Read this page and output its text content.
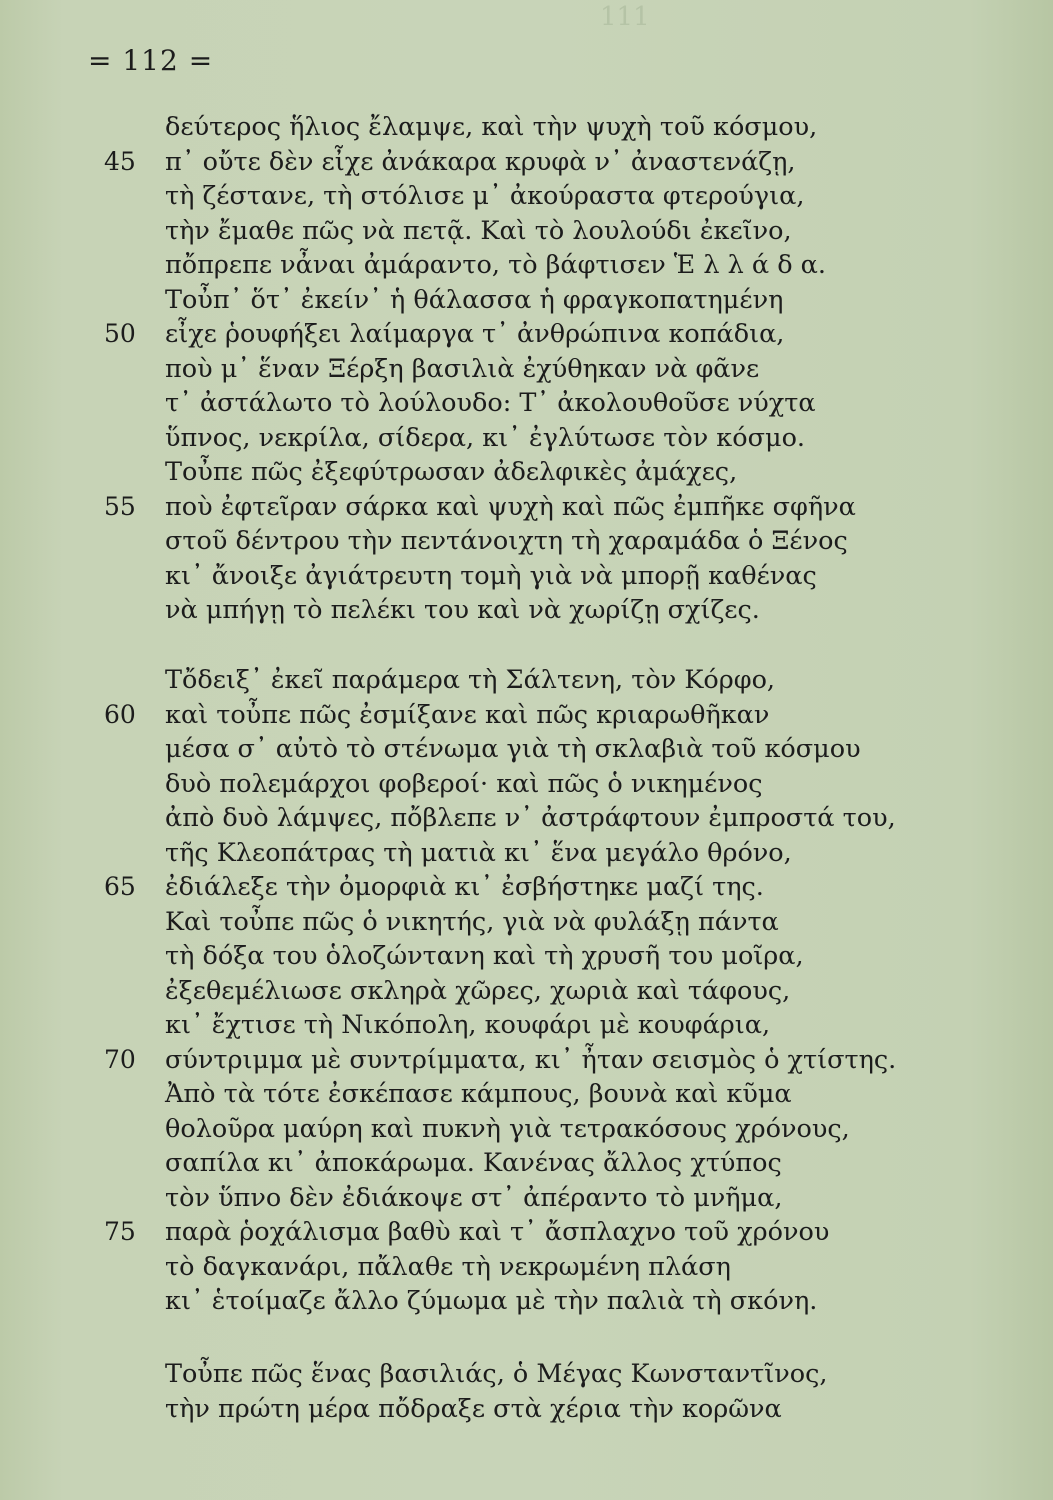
111
= 112 =
δεύτερος ἥλιος ἔλαμψε, καὶ τὴν ψυχὴ τοῦ κόσμου,
45	π᾿ οὔτε δὲν εἶχε ἀνάκαρα κρυφὰ ν᾿ ἀναστενάζῃ,
τὴ ζέστανε, τὴ στόλισε μ᾿ ἀκούραστα φτερούγια,
τὴν ἔμαθε πῶς νὰ πετᾷ. Καὶ τὸ λουλούδι ἐκεῖνο,
πὄπρεπε νἆναι ἀμάραντο, τὸ βάφτισεν Ἑ λ λ ά δ α.
Τοὖπ᾿ ὅτ᾿ ἐκείν᾿ ἡ θάλασσα ἡ φραγκοπατημένη
50	εἶχε ῥουφήξει λαίμαργα τ᾿ ἀνθρώπινα κοπάδια,
ποὺ μ᾿ ἕναν Ξέρξη βασιλιὰ ἐχύθηκαν νὰ φᾶνε
τ᾿ ἀστάλωτο τὸ λούλουδο: Τ᾿ ἀκολουθοῦσε νύχτα
ὕπνος, νεκρίλα, σίδερα, κι᾿ ἐγλύτωσε τὸν κόσμο.
Τοὖπε πῶς ἐξεφύτρωσαν ἀδελφικὲς ἀμάχες,
55	ποὺ ἐφτεῖραν σάρκα καὶ ψυχὴ καὶ πῶς ἐμπῆκε σφῆνα
στοῦ δέντρου τὴν πεντάνοιχτη τὴ χαραμάδα ὁ Ξένος
κι᾿ ἄνοιξε ἀγιάτρευτη τομὴ γιὰ νὰ μπορῇ καθένας
νὰ μπήγῃ τὸ πελέκι του καὶ νὰ χωρίζῃ σχίζες.
Τὄδειξ᾿ ἐκεῖ παράμερα τὴ Σάλτενη, τὸν Κόρφο,
60	καὶ τοὖπε πῶς ἐσμίξανε καὶ πῶς κριαρωθῆκαν
μέσα σ᾿ αὐτὸ τὸ στένωμα γιὰ τὴ σκλαβιὰ τοῦ κόσμου
δυὸ πολεμάρχοι φοβεροί· καὶ πῶς ὁ νικημένος
ἀπὸ δυὸ λάμψες, πὄβλεπε ν᾿ ἀστράφτουν ἐμπροστά του,
τῆς Κλεοπάτρας τὴ ματιὰ κι᾿ ἕνα μεγάλο θρόνο,
65	ἐδιάλεξε τὴν ὀμορφιὰ κι᾿ ἐσβήστηκε μαζί της.
Καὶ τοὖπε πῶς ὁ νικητής, γιὰ νὰ φυλάξῃ πάντα
τὴ δόξα του ὁλοζώντανη καὶ τὴ χρυσῆ του μοῖρα,
ἐξεθεμέλιωσε σκληρὰ χῶρες, χωριὰ καὶ τάφους,
κι᾿ ἔχτισε τὴ Νικόπολη, κουφάρι μὲ κουφάρια,
70	σύντριμμα μὲ συντρίμματα, κι᾿ ἦταν σεισμὸς ὁ χτίστης.
Ἀπὸ τὰ τότε ἐσκέπασε κάμπους, βουνὰ καὶ κῦμα
θολοῦρα μαύρη καὶ πυκνὴ γιὰ τετρακόσους χρόνους,
σαπίλα κι᾿ ἀποκάρωμα. Κανένας ἄλλος χτύπος
τὸν ὕπνο δὲν ἐδιάκοψε στ᾿ ἀπέραντο τὸ μνῆμα,
75	παρὰ ῥοχάλισμα βαθὺ καὶ τ᾿ ἄσπλαχνο τοῦ χρόνου
τὸ δαγκανάρι, πἄλαθε τὴ νεκρωμένη πλάση
κι᾿ ἑτοίμαζε ἄλλο ζύμωμα μὲ τὴν παλιὰ τὴ σκόνη.
Τοὖπε πῶς ἕνας βασιλιάς, ὁ Μέγας Κωνσταντῖνος,
τὴν πρώτη μέρα πὄδραξε στὰ χέρια τὴν κορῶνα
